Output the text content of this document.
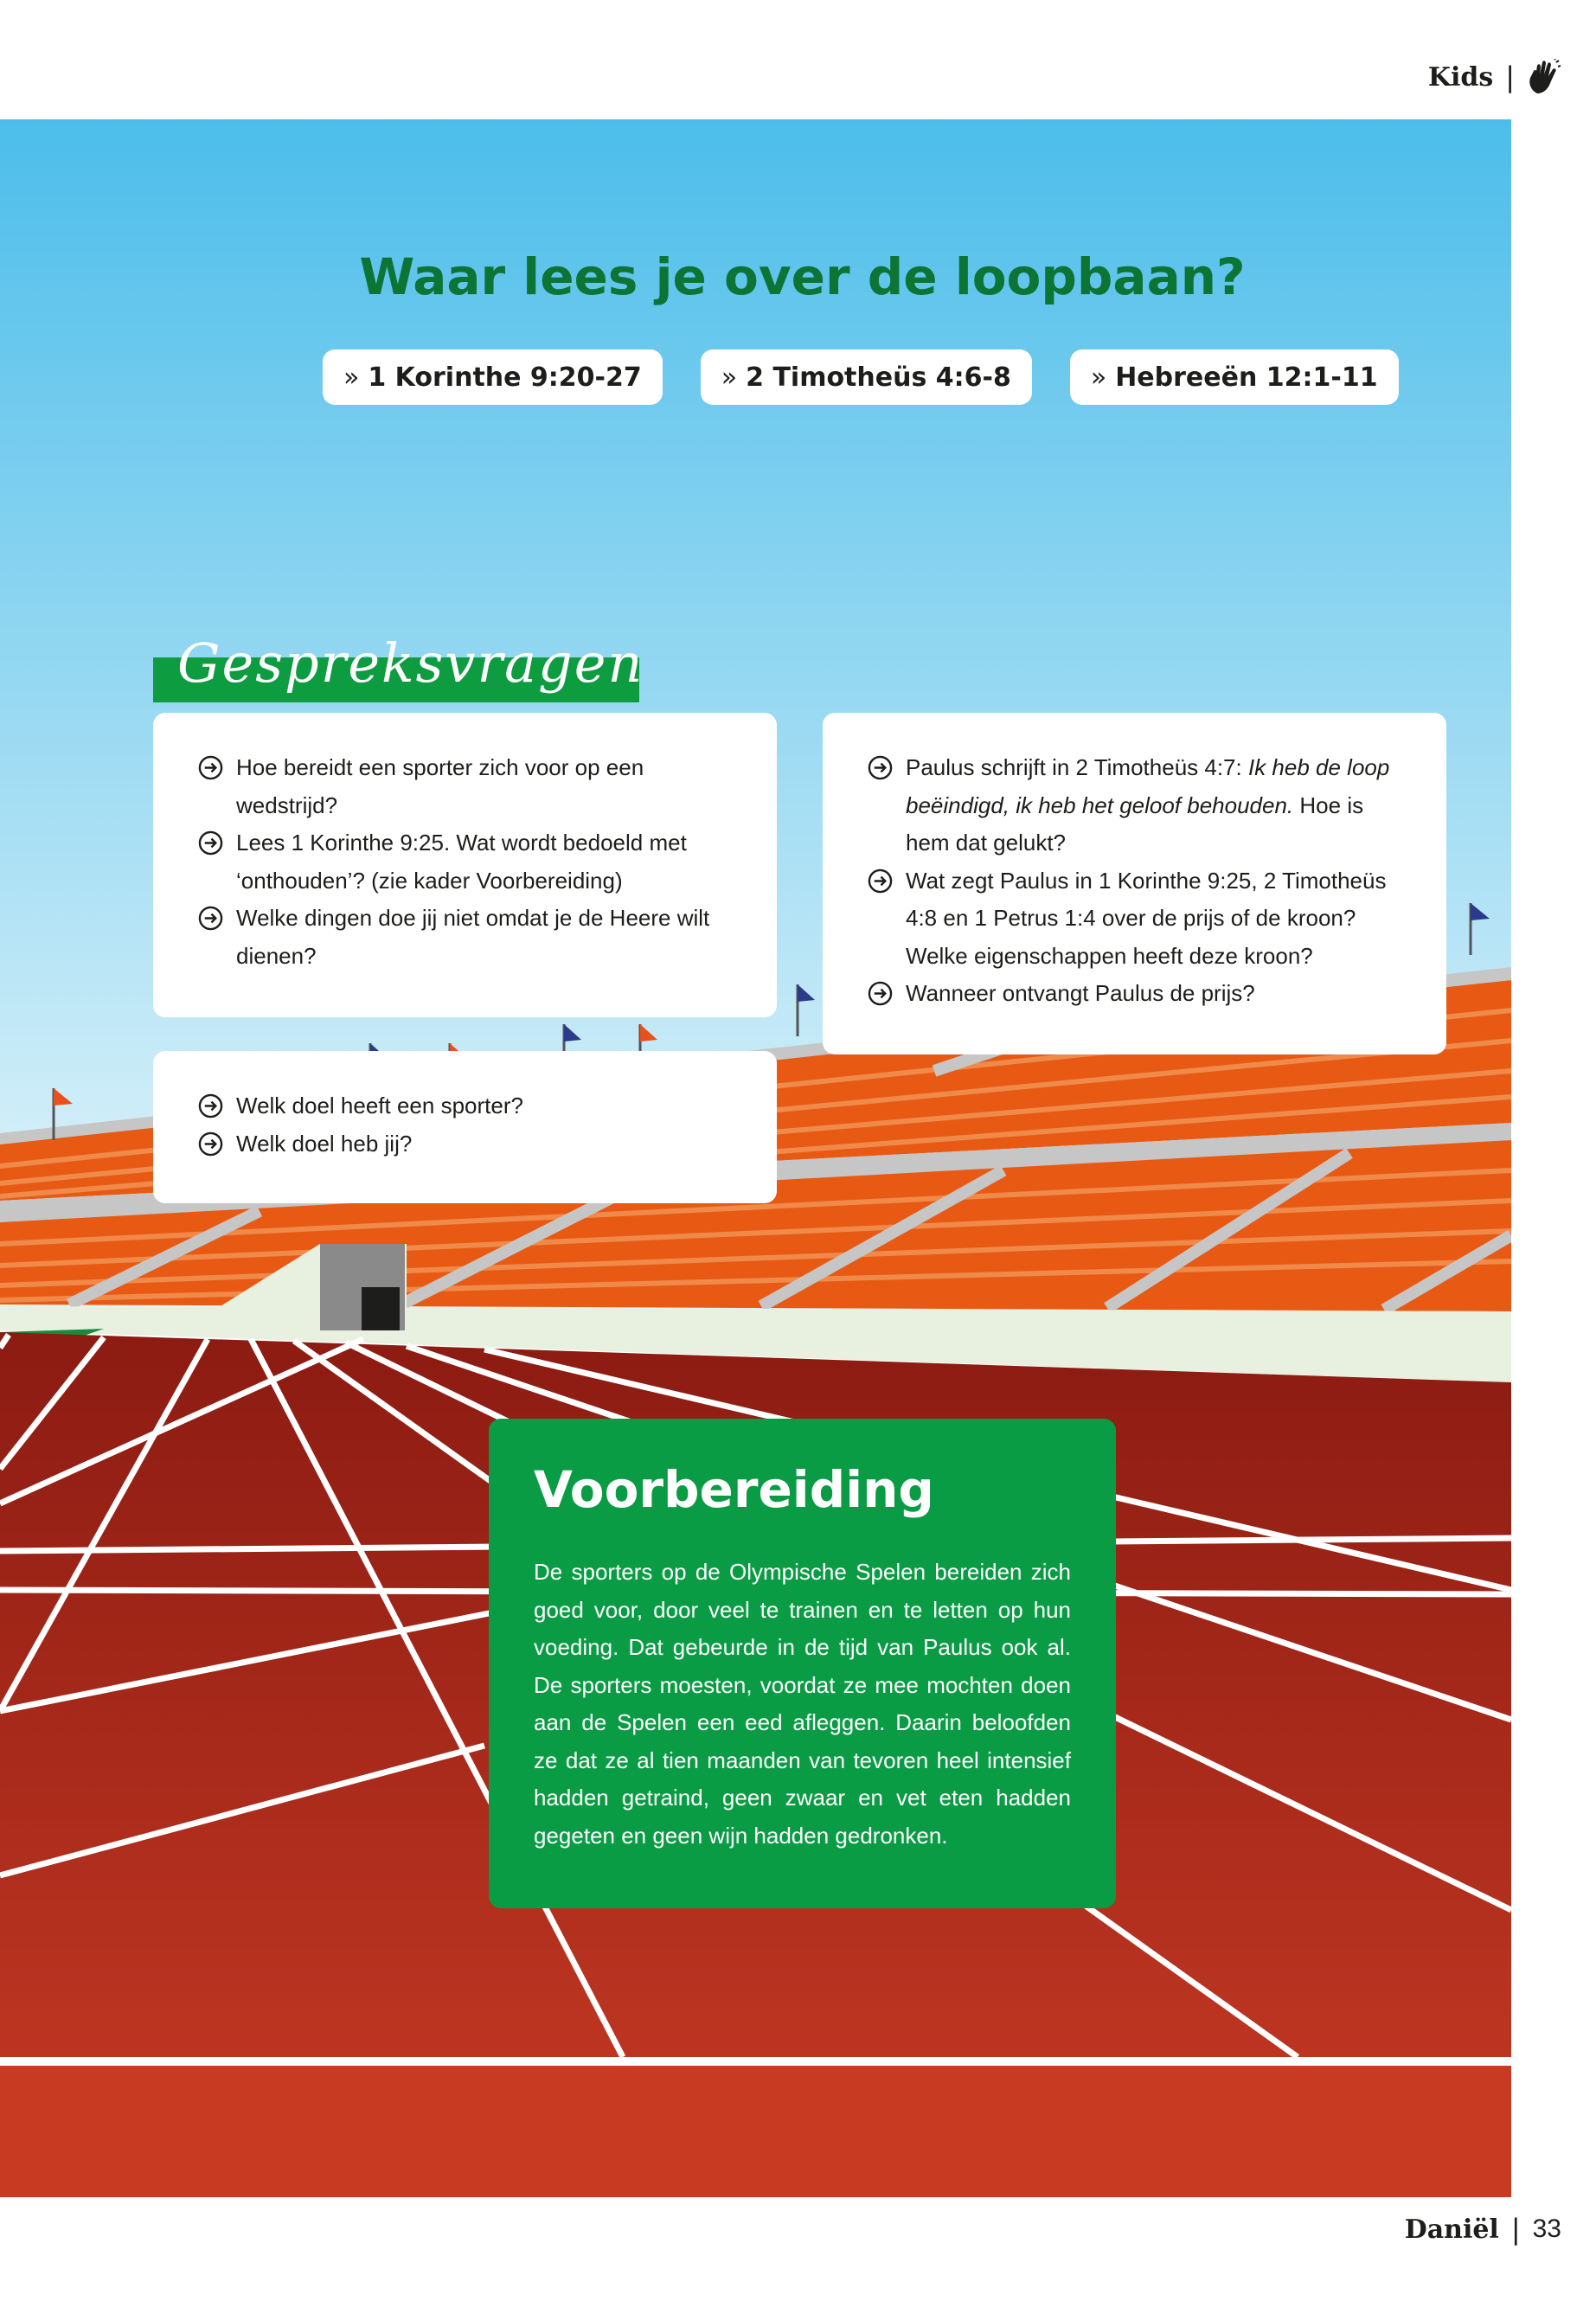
Kids |
Waar lees je over de loopbaan?
» 1 Korinthe 9:20-27	» 2 Timotheüs 4:6-8	» Hebreeën 12:1-11
Gespreksvragen
Hoe bereidt een sporter zich voor op een wedstrijd?
Lees 1 Korinthe 9:25. Wat wordt bedoeld met ‘onthouden’? (zie kader Voorbereiding)
Welke dingen doe jij niet omdat je de Heere wilt dienen?
Paulus schrijft in 2 Timotheüs 4:7: Ik heb de loop beëindigd, ik heb het geloof behouden. Hoe is hem dat gelukt?
Wat zegt Paulus in 1 Korinthe 9:25, 2 Timotheüs 4:8 en 1 Petrus 1:4 over de prijs of de kroon? Welke eigenschappen heeft deze kroon?
Wanneer ontvangt Paulus de prijs?
Welk doel heeft een sporter?
Welk doel heb jij?
Voorbereiding

De sporters op de Olympische Spelen bereiden zich goed voor, door veel te trainen en te letten op hun voeding. Dat gebeurde in de tijd van Paulus ook al. De sporters moesten, voordat ze mee mochten doen aan de Spelen een eed afleggen. Daarin beloofden ze dat ze al tien maanden van tevoren heel intensief hadden getraind, geen zwaar en vet eten hadden gegeten en geen wijn hadden gedronken.

Daniël | 33
